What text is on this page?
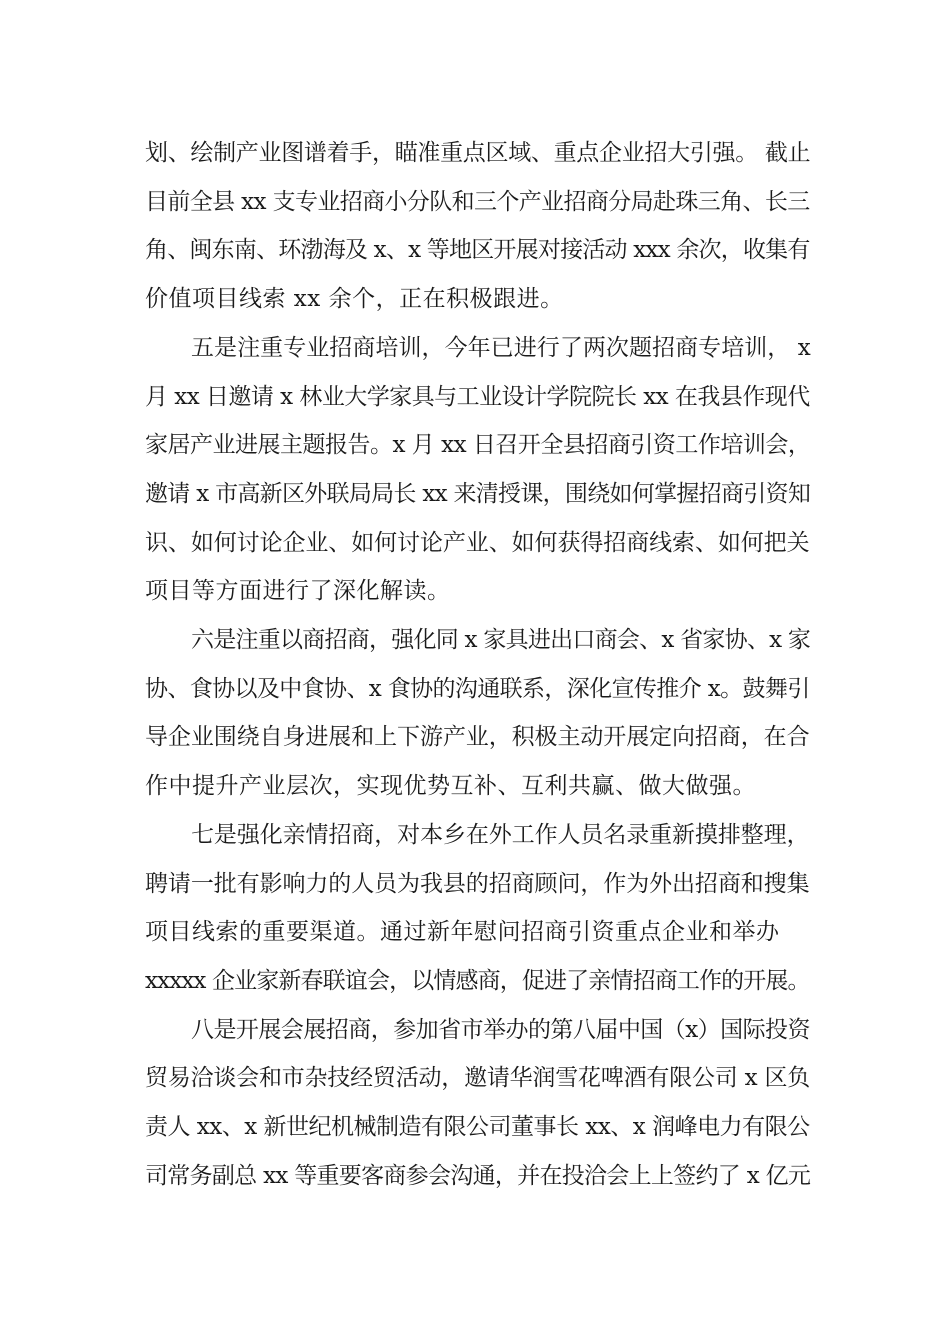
划、绘制产业图谱着手，瞄准重点区域、重点企业招大引强。 截止
目前全县 xx 支专业招商小分队和三个产业招商分局赴珠三角、长三
角、闽东南、环渤海及 x、x 等地区开展对接活动 xxx 余次，收集有
价值项目线索 xx 余个，正在积极跟进。
五是注重专业招商培训，今年已进行了两次题招商专培训， x
月 xx 日邀请 x 林业大学家具与工业设计学院院长 xx 在我县作现代
家居产业进展主题报告。x 月 xx 日召开全县招商引资工作培训会，
邀请 x 市高新区外联局局长 xx 来清授课，围绕如何掌握招商引资知
识、如何讨论企业、如何讨论产业、如何获得招商线索、如何把关
项目等方面进行了深化解读。
六是注重以商招商，强化同 x 家具进出口商会、x 省家协、x 家
协、食协以及中食协、x 食协的沟通联系，深化宣传推介 x。鼓舞引
导企业围绕自身进展和上下游产业，积极主动开展定向招商，在合
作中提升产业层次，实现优势互补、互利共赢、做大做强。
七是强化亲情招商，对本乡在外工作人员名录重新摸排整理，
聘请一批有影响力的人员为我县的招商顾问，作为外出招商和搜集
项目线索的重要渠道。通过新年慰问招商引资重点企业和举办
xxxxx 企业家新春联谊会，以情感商，促进了亲情招商工作的开展。
八是开展会展招商，参加省市举办的第八届中国（x）国际投资
贸易洽谈会和市杂技经贸活动，邀请华润雪花啤酒有限公司 x 区负
责人 xx、x 新世纪机械制造有限公司董事长 xx、x 润峰电力有限公
司常务副总 xx 等重要客商参会沟通，并在投洽会上上签约了 x 亿元
